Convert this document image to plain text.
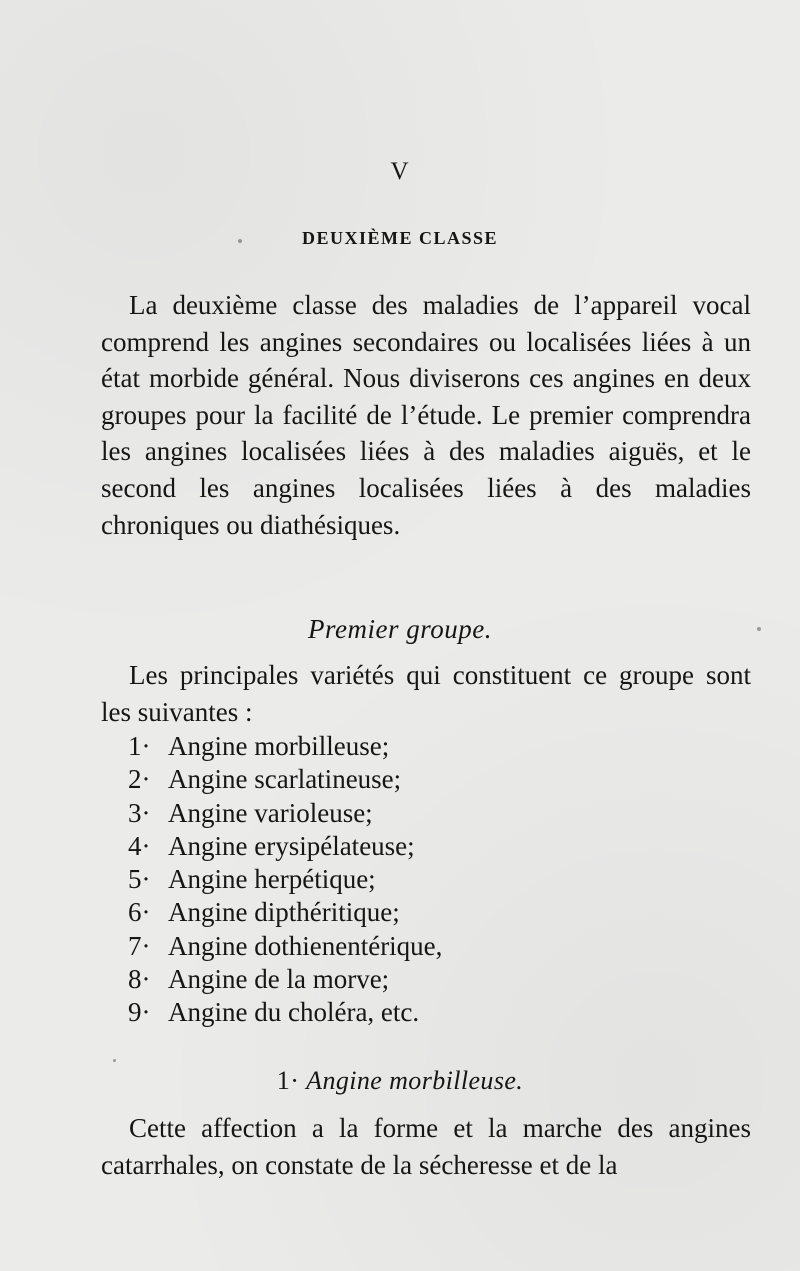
V
DEUXIÈME CLASSE

La deuxième classe des maladies de l’appareil vocal comprend les angines secondaires ou localisées liées à un état morbide général. Nous diviserons ces angines en deux groupes pour la facilité de l’étude. Le premier comprendra les angines localisées liées à des maladies aiguës, et le second les angines localisées liées à des maladies chroniques ou diathésiques.

Premier groupe.

Les principales variétés qui constituent ce groupe sont les suivantes :

1· Angine morbilleuse;
2· Angine scarlatineuse;
3· Angine varioleuse;
4· Angine erysipélateuse;
5· Angine herpétique;
6· Angine dipthéritique;
7· Angine dothienentérique,
8· Angine de la morve;
9· Angine du choléra, etc.
1· Angine morbilleuse.

Cette affection a la forme et la marche des angines catarrhales, on constate de la sécheresse et de la
